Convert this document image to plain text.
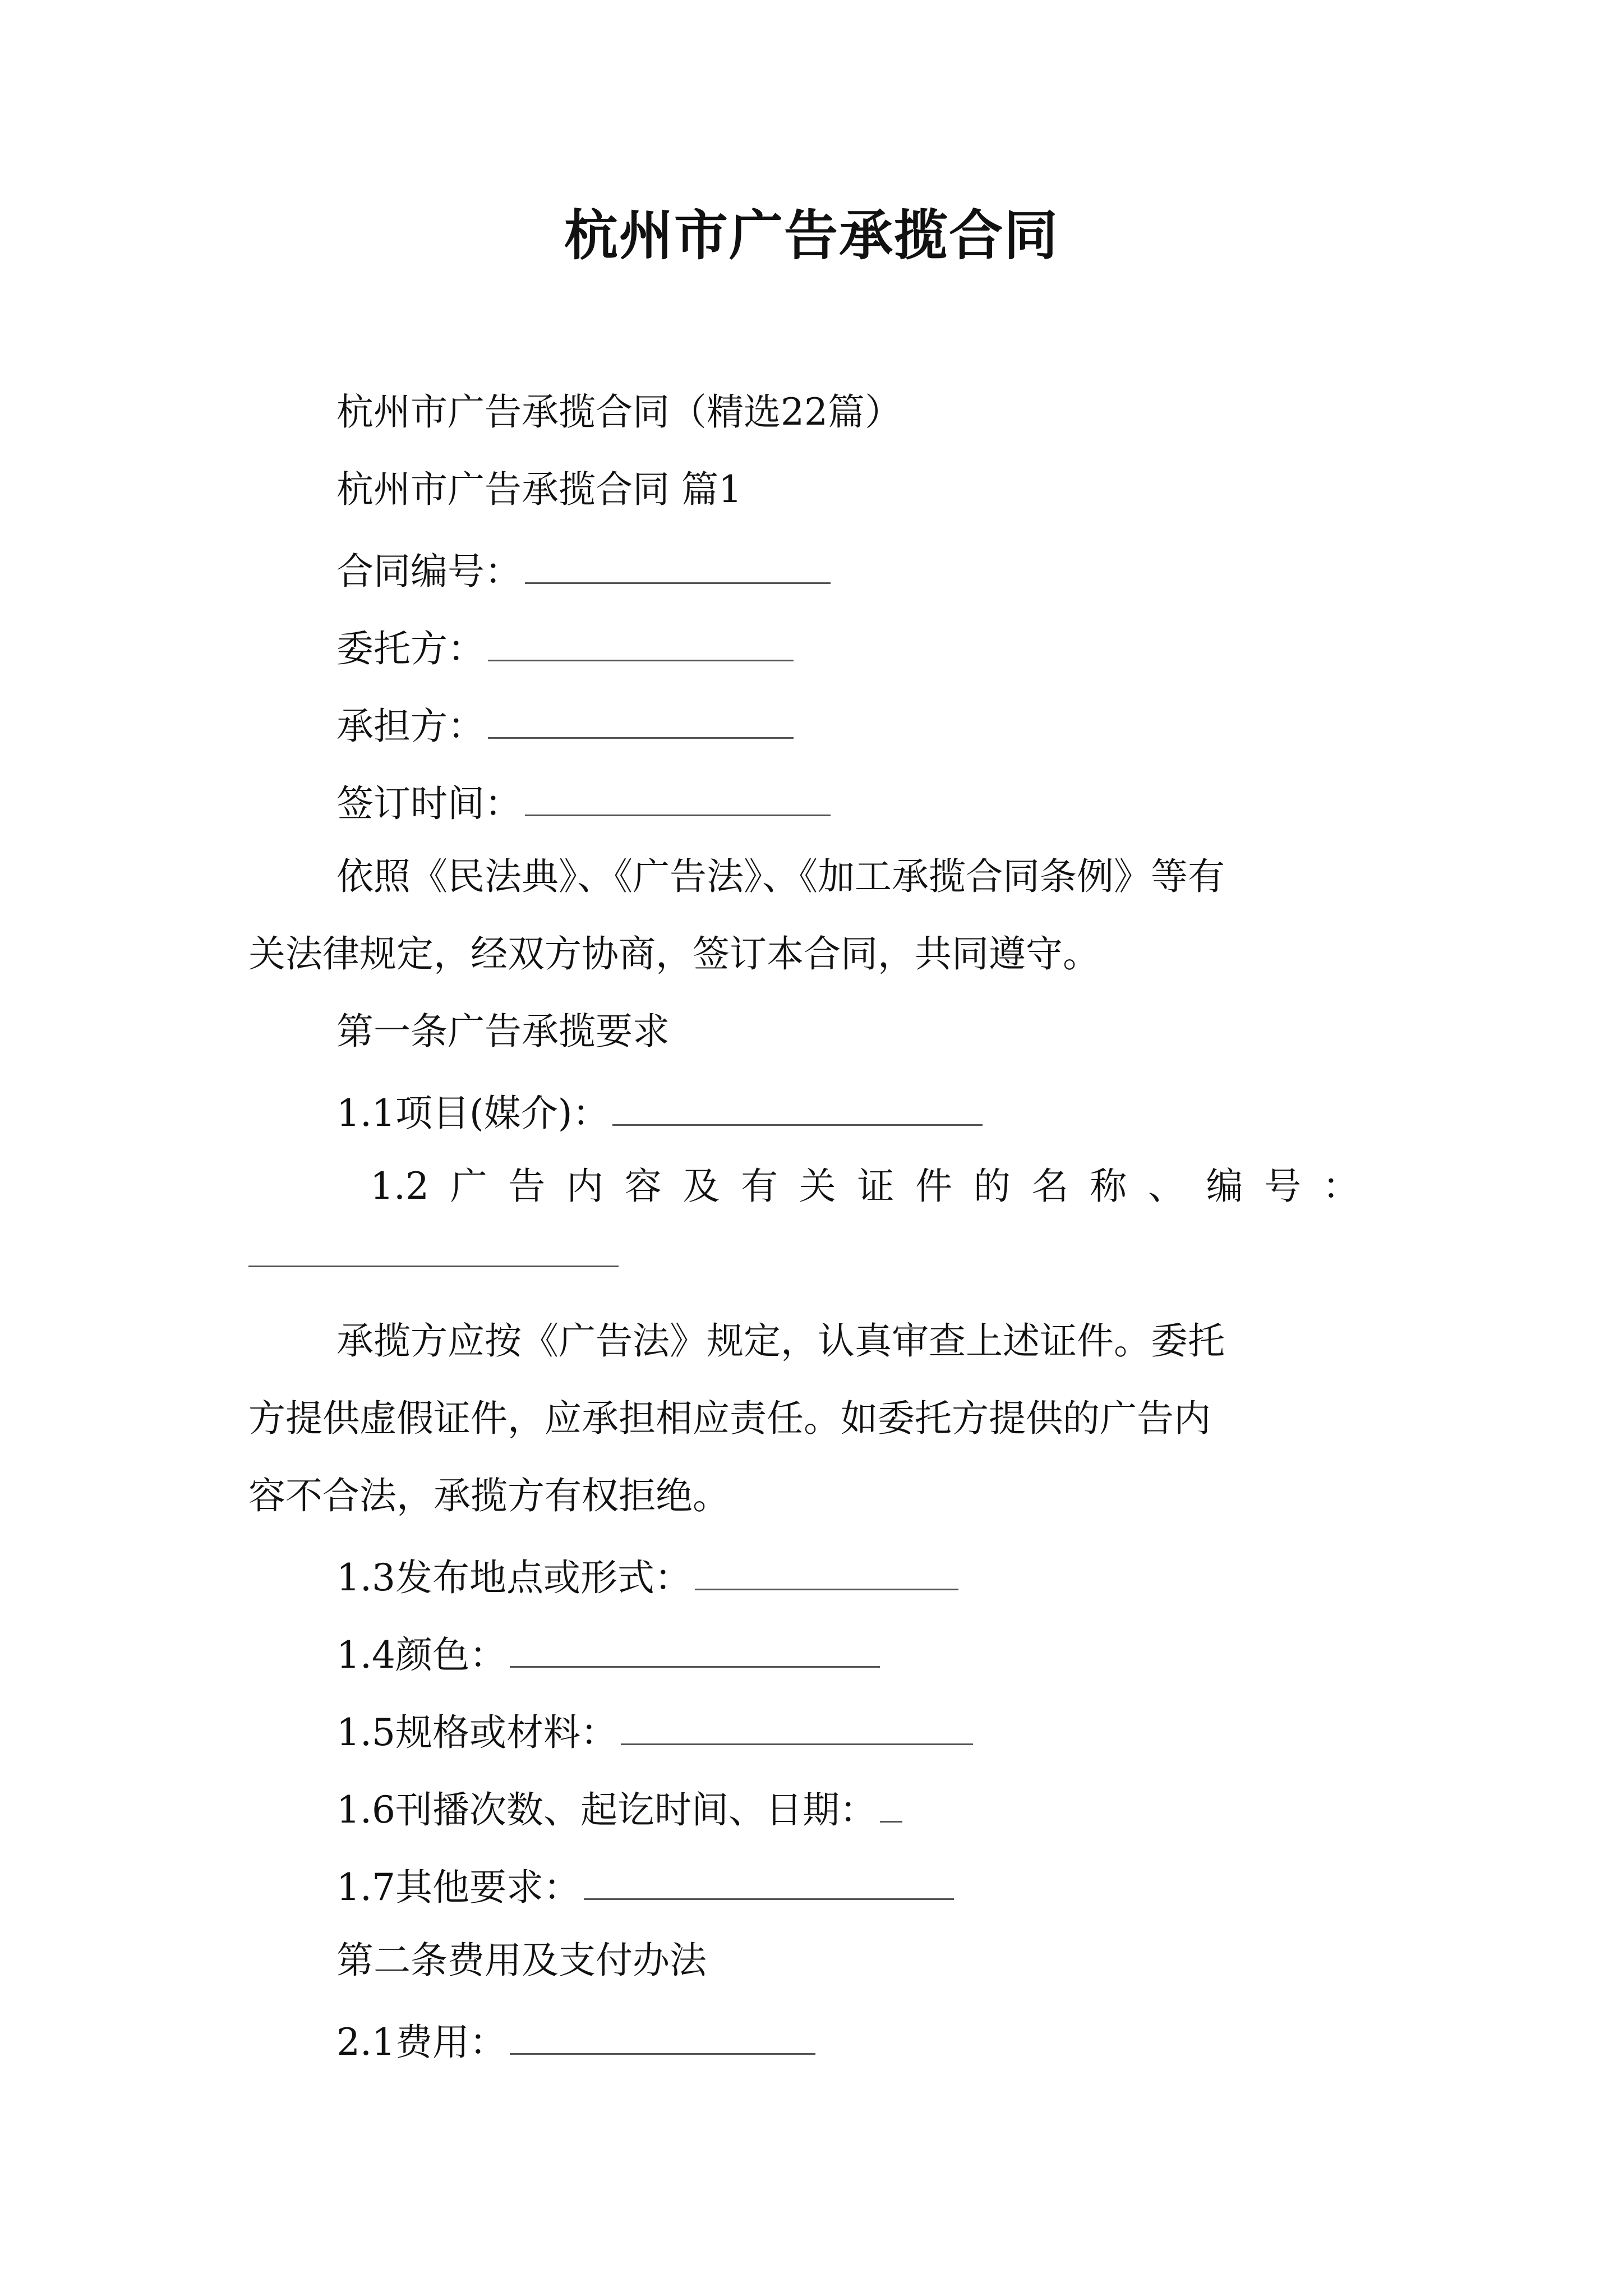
杭州市广告承揽合同

杭州市广告承揽合同（精选22篇）

杭州市广告承揽合同 篇1

合同编号：

委托方：

承担方：

签订时间：

依照《民法典》、《广告法》、《加工承揽合同条例》等有

关法律规定，经双方协商，签订本合同，共同遵守。

第一条广告承揽要求

1.1项目(媒介)：

1.2 广 告 内 容 及 有 关 证 件 的 名 称 、 编 号 ：

承揽方应按《广告法》规定，认真审查上述证件。委托

方提供虚假证件，应承担相应责任。如委托方提供的广告内

容不合法，承揽方有权拒绝。

1.3发布地点或形式：

1.4颜色：

1.5规格或材料：

1.6刊播次数、起讫时间、日期：

1.7其他要求：

第二条费用及支付办法

2.1费用：
